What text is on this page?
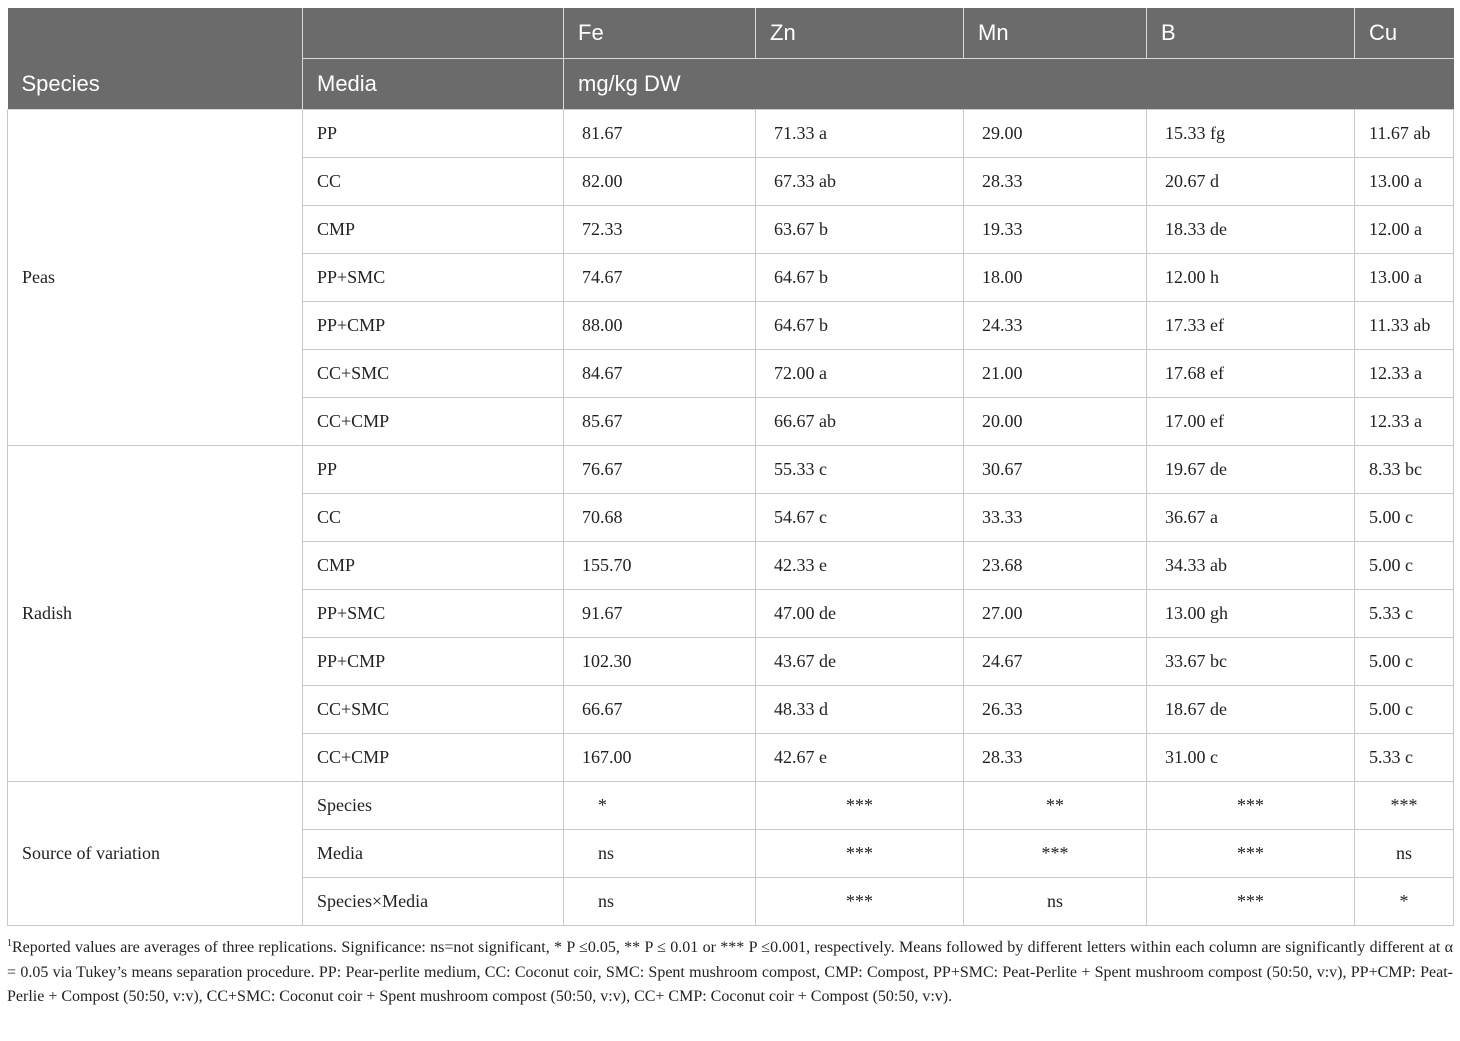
Species		Fe	Zn	Mn	B	Cu
	Media	mg/kg DW				
Peas	PP	81.67	71.33 a	29.00	15.33 fg	11.67 ab
	CC	82.00	67.33 ab	28.33	20.67 d	13.00 a
	CMP	72.33	63.67 b	19.33	18.33 de	12.00 a
	PP+SMC	74.67	64.67 b	18.00	12.00 h	13.00 a
	PP+CMP	88.00	64.67 b	24.33	17.33 ef	11.33 ab
	CC+SMC	84.67	72.00 a	21.00	17.68 ef	12.33 a
	CC+CMP	85.67	66.67 ab	20.00	17.00 ef	12.33 a
Radish	PP	76.67	55.33 c	30.67	19.67 de	8.33 bc
	CC	70.68	54.67 c	33.33	36.67 a	5.00 c
	CMP	155.70	42.33 e	23.68	34.33 ab	5.00 c
	PP+SMC	91.67	47.00 de	27.00	13.00 gh	5.33 c
	PP+CMP	102.30	43.67 de	24.67	33.67 bc	5.00 c
	CC+SMC	66.67	48.33 d	26.33	18.67 de	5.00 c
	CC+CMP	167.00	42.67 e	28.33	31.00 c	5.33 c
Source of variation	Species	*	***	**	***	***
	Media	ns	***	***	***	ns
	Species×Media	ns	***	ns	***	*
$^1$Reported values are averages of three replications. Significance: ns=not significant, * P ≤0.05, ** P ≤ 0.01 or *** P ≤0.001, respectively. Means followed by different letters within each column are significantly different at α = 0.05 via Tukey’s means separation procedure. PP: Pear-perlite medium, CC: Coconut coir, SMC: Spent mushroom compost, CMP: Compost, PP+SMC: Peat-Perlite + Spent mushroom compost (50:50, v:v), PP+CMP: Peat-Perlie + Compost (50:50, v:v), CC+SMC: Coconut coir + Spent mushroom compost (50:50, v:v), CC+ CMP: Coconut coir + Compost (50:50, v:v).
